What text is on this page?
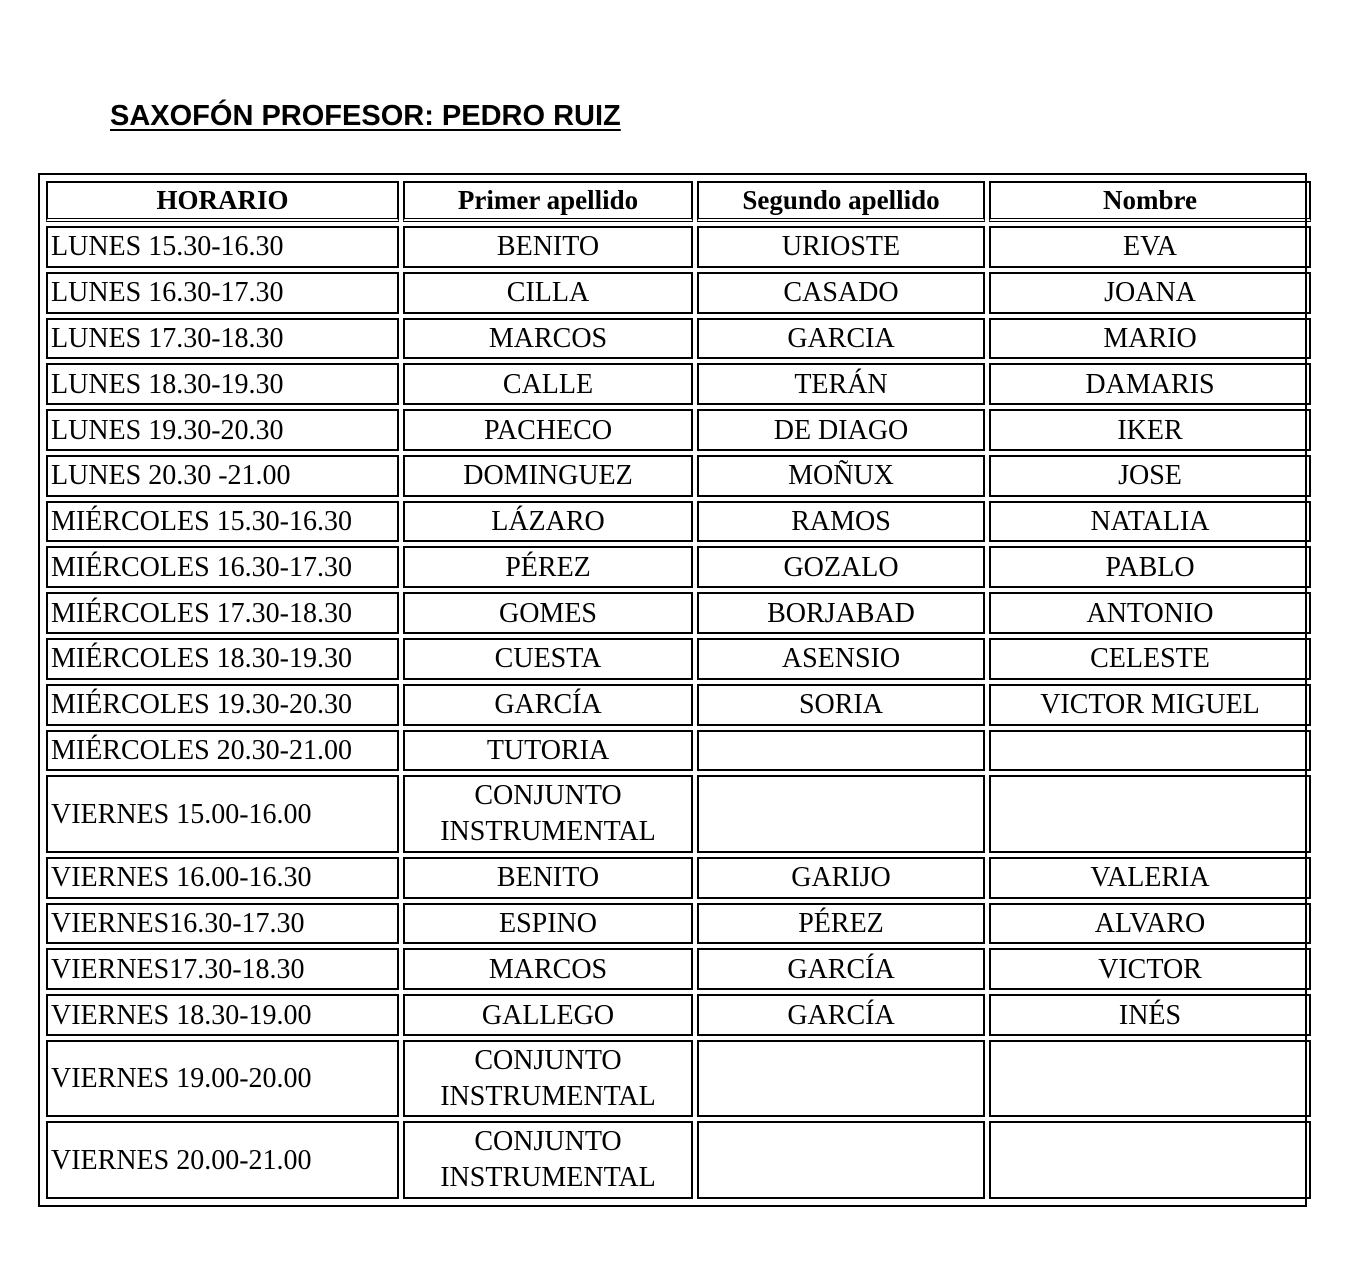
SAXOFÓN PROFESOR: PEDRO RUIZ
HORARIO	Primer apellido	Segundo apellido	Nombre
LUNES 15.30-16.30	BENITO	URIOSTE	EVA
LUNES 16.30-17.30	CILLA	CASADO	JOANA
LUNES 17.30-18.30	MARCOS	GARCIA	MARIO
LUNES 18.30-19.30	CALLE	TERÁN	DAMARIS
LUNES 19.30-20.30	PACHECO	DE DIAGO	IKER
LUNES 20.30 -21.00	DOMINGUEZ	MOÑUX	JOSE
MIÉRCOLES 15.30-16.30	LÁZARO	RAMOS	NATALIA
MIÉRCOLES 16.30-17.30	PÉREZ	GOZALO	PABLO
MIÉRCOLES 17.30-18.30	GOMES	BORJABAD	ANTONIO
MIÉRCOLES 18.30-19.30	CUESTA	ASENSIO	CELESTE
MIÉRCOLES 19.30-20.30	GARCÍA	SORIA	VICTOR MIGUEL
MIÉRCOLES 20.30-21.00	TUTORIA		
VIERNES 15.00-16.00	CONJUNTO INSTRUMENTAL		
VIERNES 16.00-16.30	BENITO	GARIJO	VALERIA
VIERNES16.30-17.30	ESPINO	PÉREZ	ALVARO
VIERNES17.30-18.30	MARCOS	GARCÍA	VICTOR
VIERNES 18.30-19.00	GALLEGO	GARCÍA	INÉS
VIERNES 19.00-20.00	CONJUNTO INSTRUMENTAL		
VIERNES 20.00-21.00	CONJUNTO INSTRUMENTAL		
